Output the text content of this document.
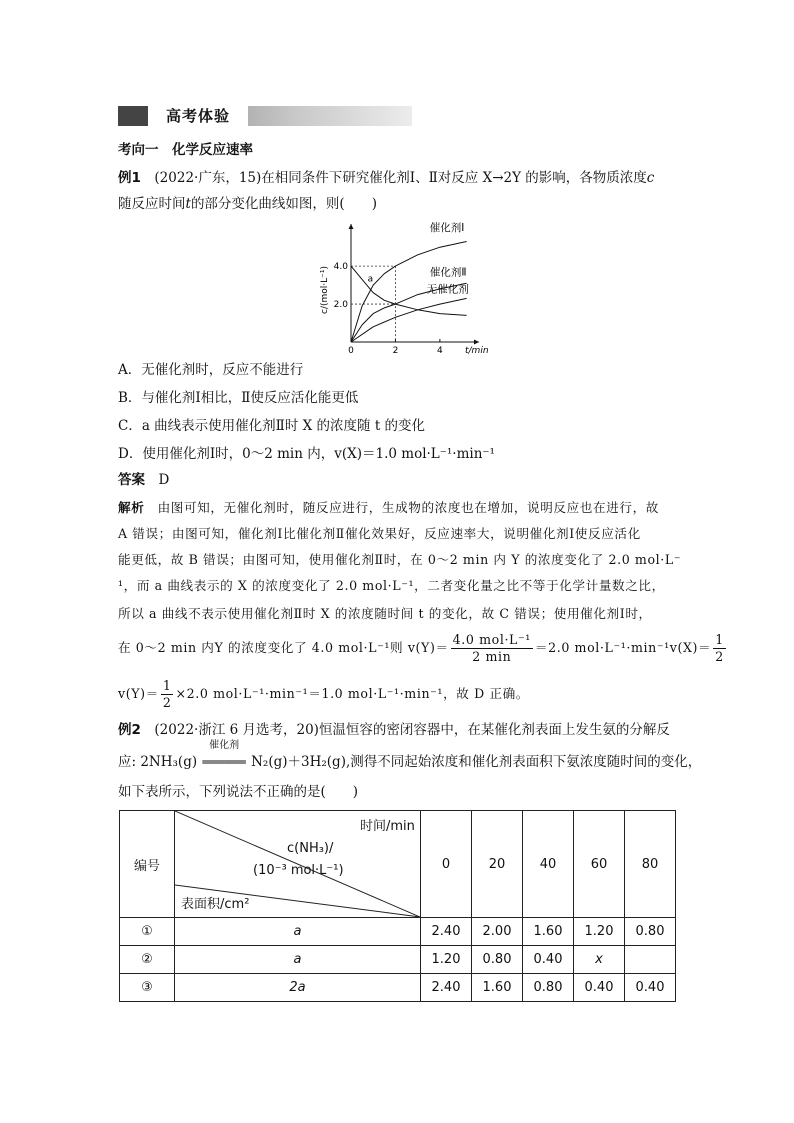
高考体验
考向一　化学反应速率
例1　 (2022·广东，15)在相同条件下研究催化剂Ⅰ、Ⅱ对反应 X→2Y 的影响，各物质浓度c
随反应时间t的部分变化曲线如图，则(　　)
0	2	4
2.0
4.0
t/min
c/(mol·L⁻¹)
催化剂Ⅰ
催化剂Ⅱ
无催化剂
a
A．无催化剂时，反应不能进行
B．与催化剂Ⅰ相比，Ⅱ使反应活化能更低
C．a 曲线表示使用催化剂Ⅱ时 X 的浓度随 t 的变化
D．使用催化剂Ⅰ时，0～2 min 内，v(X)＝1.0 mol·L⁻¹·min⁻¹
答案　 D
解析　 由图可知，无催化剂时，随反应进行，生成物的浓度也在增加，说明反应也在进行，故
A 错误；由图可知，催化剂Ⅰ比催化剂Ⅱ催化效果好，反应速率大，说明催化剂Ⅰ使反应活化
能更低，故 B 错误；由图可知，使用催化剂Ⅱ时，在 0～2 min 内 Y 的浓度变化了 2.0 mol·L⁻
¹，而 a 曲线表示的 X 的浓度变化了 2.0 mol·L⁻¹，二者变化量之比不等于化学计量数之比，
所以 a 曲线不表示使用催化剂Ⅱ时 X 的浓度随时间 t 的变化，故 C 错误；使用催化剂Ⅰ时，
在 0～2 min 内Y 的浓度变化了 4.0 mol·L⁻¹则 $v(Y)= \frac{\text{4.0 mol·L⁻¹}}{2 \min} =2.0$ $mol\cdot L^{-1}\cdot\min^{-1}v(X)= \frac{1}{2}$
$v(Y)= \frac{1}{2} \times 2.0$ mol·L⁻¹·min⁻¹＝1.0 mol·L⁻¹·min⁻¹，故 D 正确。
例2　 (2022·浙江 6 月选考，20)恒温恒容的密闭容器中，在某催化剂表面上发生氨的分解反
应: 2NH₃(g)
催化剂
══════ N₂(g)＋3H₂(g),测得不同起始浓度和催化剂表面积下氨浓度随时间的变化，
如下表所示，下列说法不正确的是(　　)
编号	时间/min
c(NH₃)/
(10⁻³ mol·L⁻¹)
表面积/cm²	0	20	40	60	80
①	a	2.40	2.00	1.60	1.20	0.80
②	a	1.20	0.80	0.40	x	
③	2a	2.40	1.60	0.80	0.40	0.40
